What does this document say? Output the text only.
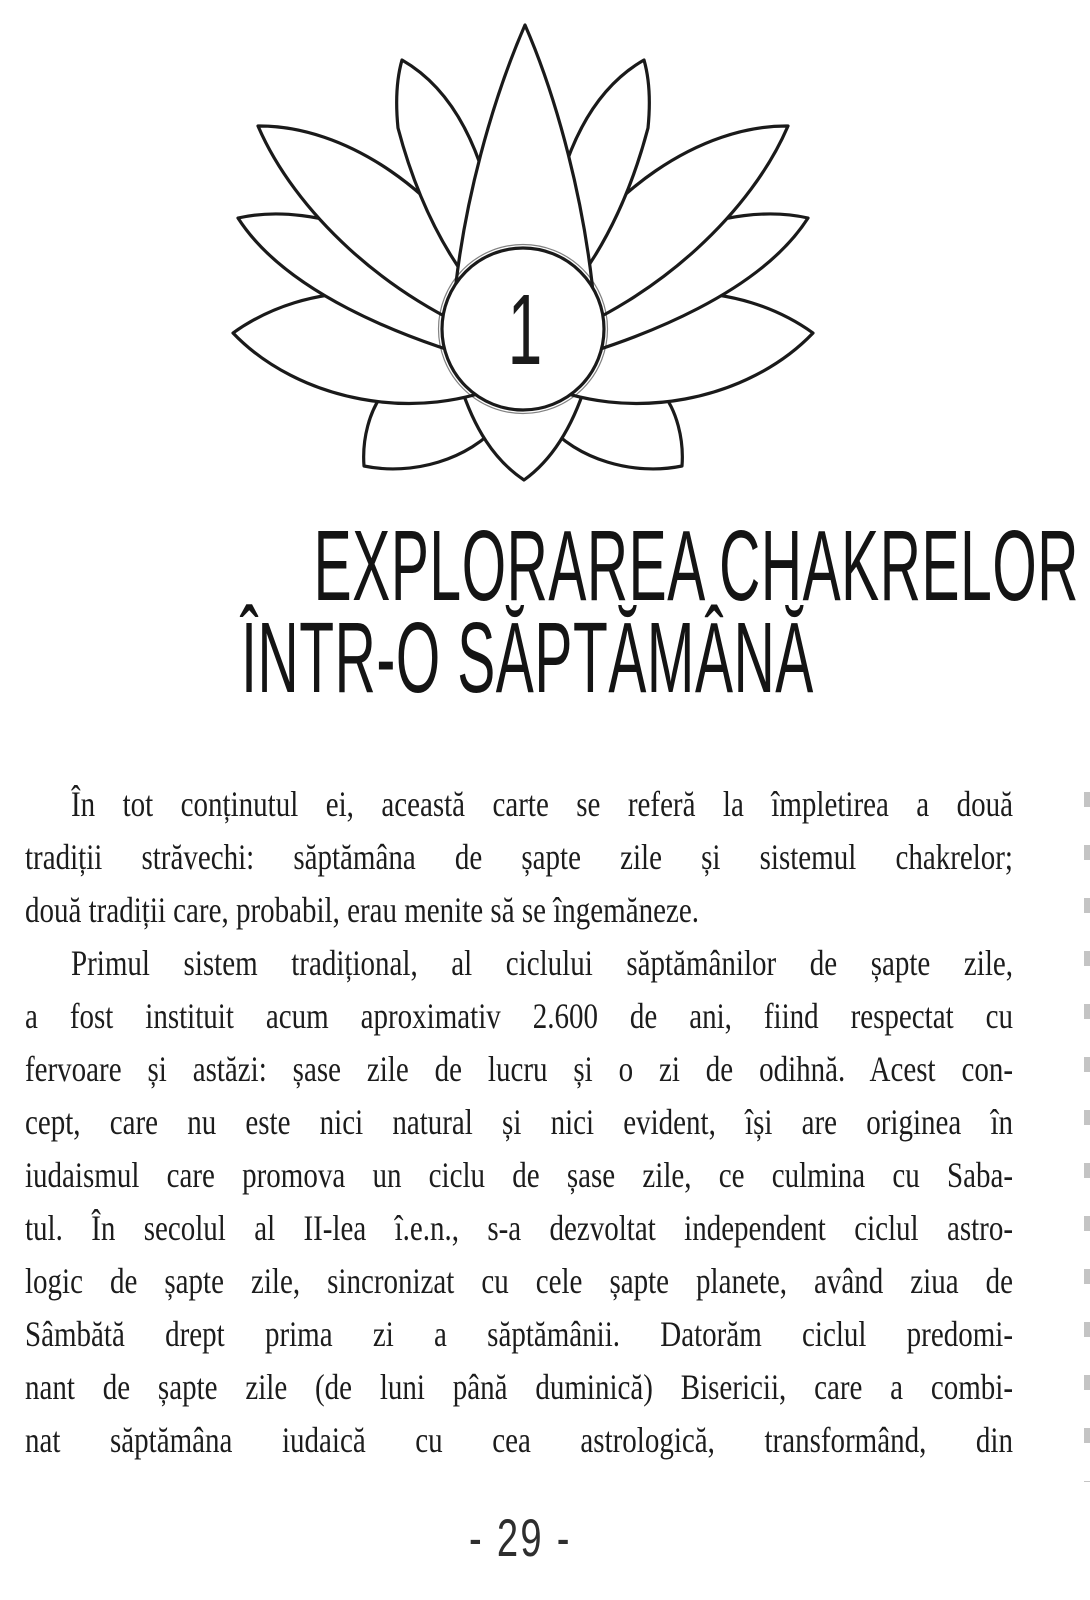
1
EXPLORAREA CHAKRELOR
ÎNTR-O SĂPTĂMÂNĂ
În tot conținutul ei, această carte se referă la împletirea a două
tradiții străvechi: săptămâna de șapte zile și sistemul chakrelor;
două tradiții care, probabil, erau menite să se îngemăneze.
Primul sistem tradițional, al ciclului săptămânilor de șapte zile,
a fost instituit acum aproximativ 2.600 de ani, fiind respectat cu
fervoare și astăzi: șase zile de lucru și o zi de odihnă. Acest con-
cept, care nu este nici natural și nici evident, își are originea în
iudaismul care promova un ciclu de șase zile, ce culmina cu Saba-
tul. În secolul al II-lea î.e.n., s-a dezvoltat independent ciclul astro-
logic de șapte zile, sincronizat cu cele șapte planete, având ziua de
Sâmbătă drept prima zi a săptămânii. Datorăm ciclul predomi-
nant de șapte zile (de luni până duminică) Bisericii, care a combi-
nat săptămâna iudaică cu cea astrologică, transformând, din
- 29 -
